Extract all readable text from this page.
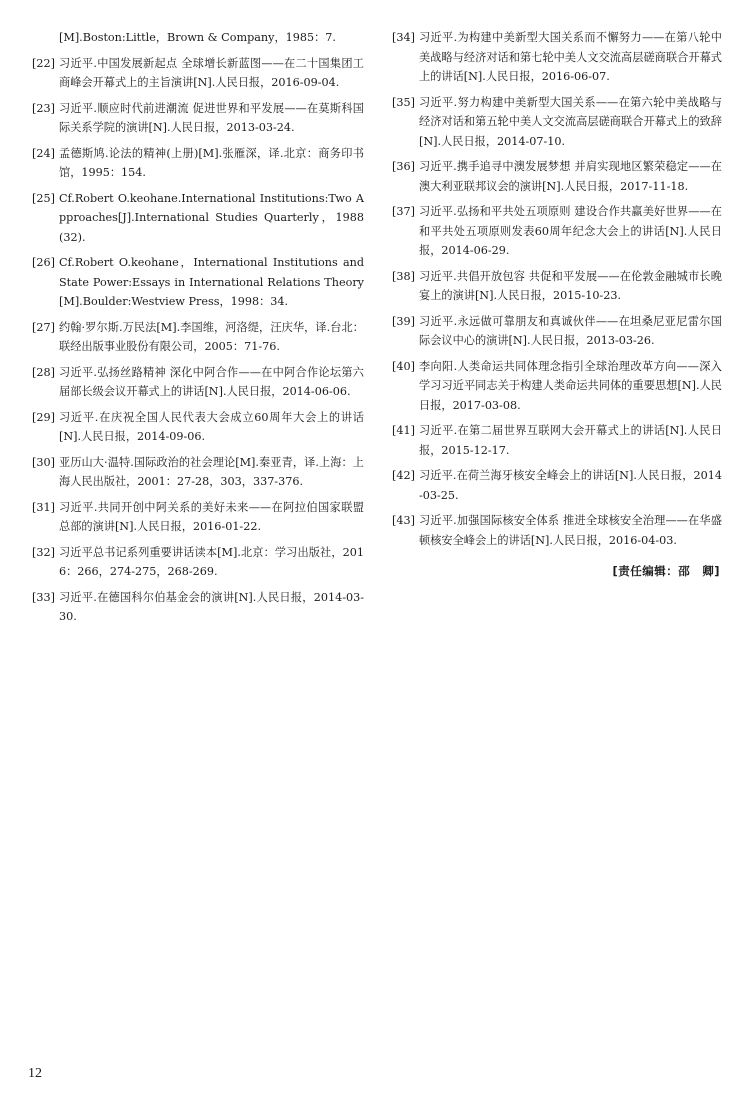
[M].Boston:Little，Brown & Company，1985：7.
[22] 习近平.中国发展新起点 全球增长新蓝图——在二十国集团工商峰会开幕式上的主旨演讲[N].人民日报，2016-09-04.
[23] 习近平.顺应时代前进潮流 促进世界和平发展——在莫斯科国际关系学院的演讲[N].人民日报，2013-03-24.
[24] 孟德斯鸠.论法的精神(上册)[M].张雁深，译.北京：商务印书馆，1995：154.
[25] Cf.Robert O.keohane.International Institutions:Two Approaches[J].International Studies Quarterly，1988(32).
[26] Cf.Robert O.keohane，International Institutions and State Power:Essays in International Relations Theory[M].Boulder:Westview Press，1998：34.
[27] 约翰·罗尔斯.万民法[M].李国维，河洛缇，汪庆华，译.台北：联经出版事业股份有限公司，2005：71-76.
[28] 习近平.弘扬丝路精神 深化中阿合作——在中阿合作论坛第六届部长级会议开幕式上的讲话[N].人民日报，2014-06-06.
[29] 习近平.在庆祝全国人民代表大会成立60周年大会上的讲话[N].人民日报，2014-09-06.
[30] 亚历山大·温特.国际政治的社会理论[M].秦亚青，译.上海：上海人民出版社，2001：27-28，303，337-376.
[31] 习近平.共同开创中阿关系的美好未来——在阿拉伯国家联盟总部的演讲[N].人民日报，2016-01-22.
[32] 习近平总书记系列重要讲话读本[M].北京：学习出版社，2016：266，274-275，268-269.
[33] 习近平.在德国科尔伯基金会的演讲[N].人民日报，2014-03-30.
[34] 习近平.为构建中美新型大国关系而不懈努力——在第八轮中美战略与经济对话和第七轮中美人文交流高层磋商联合开幕式上的讲话[N].人民日报，2016-06-07.
[35] 习近平.努力构建中美新型大国关系——在第六轮中美战略与经济对话和第五轮中美人文交流高层磋商联合开幕式上的致辞[N].人民日报，2014-07-10.
[36] 习近平.携手追寻中澳发展梦想 并肩实现地区繁荣稳定——在澳大利亚联邦议会的演讲[N].人民日报，2017-11-18.
[37] 习近平.弘扬和平共处五项原则 建设合作共赢美好世界——在和平共处五项原则发表60周年纪念大会上的讲话[N].人民日报，2014-06-29.
[38] 习近平.共倡开放包容 共促和平发展——在伦敦金融城市长晚宴上的演讲[N].人民日报，2015-10-23.
[39] 习近平.永远做可靠朋友和真诚伙伴——在坦桑尼亚尼雷尔国际会议中心的演讲[N].人民日报，2013-03-26.
[40] 李向阳.人类命运共同体理念指引全球治理改革方向——深入学习习近平同志关于构建人类命运共同体的重要思想[N].人民日报，2017-03-08.
[41] 习近平.在第二届世界互联网大会开幕式上的讲话[N].人民日报，2015-12-17.
[42] 习近平.在荷兰海牙核安全峰会上的讲话[N].人民日报，2014-03-25.
[43] 习近平.加强国际核安全体系 推进全球核安全治理——在华盛顿核安全峰会上的讲话[N].人民日报，2016-04-03.
[责任编辑：邵　卿]
12
